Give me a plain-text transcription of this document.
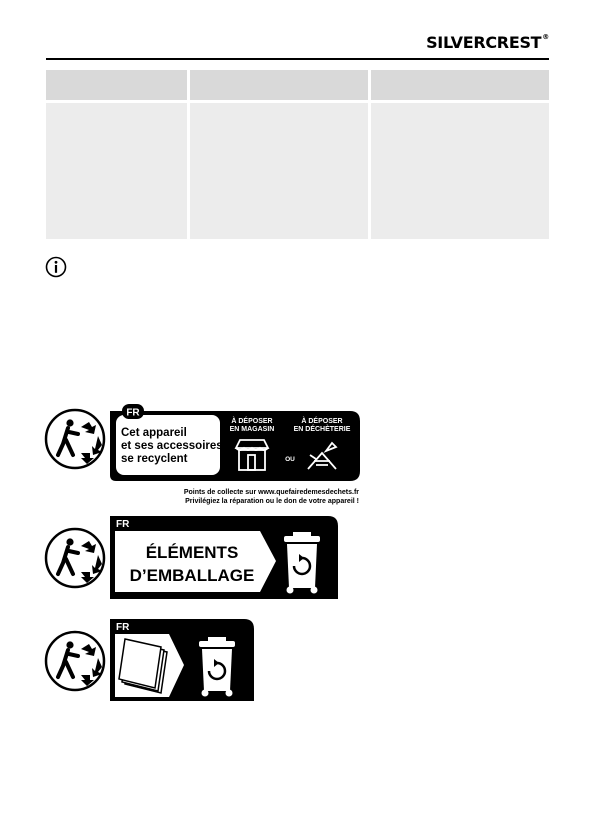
SILVERCREST®
FR
Cet appareil
et ses accessoires
se recyclent
À DÉPOSER
EN MAGASIN
À DÉPOSER
EN DÉCHÈTERIE
OU
Points de collecte sur www.quefairedemesdechets.fr
Privilégiez la réparation ou le don de votre appareil !
FR
ÉLÉMENTS
D’EMBALLAGE
FR
